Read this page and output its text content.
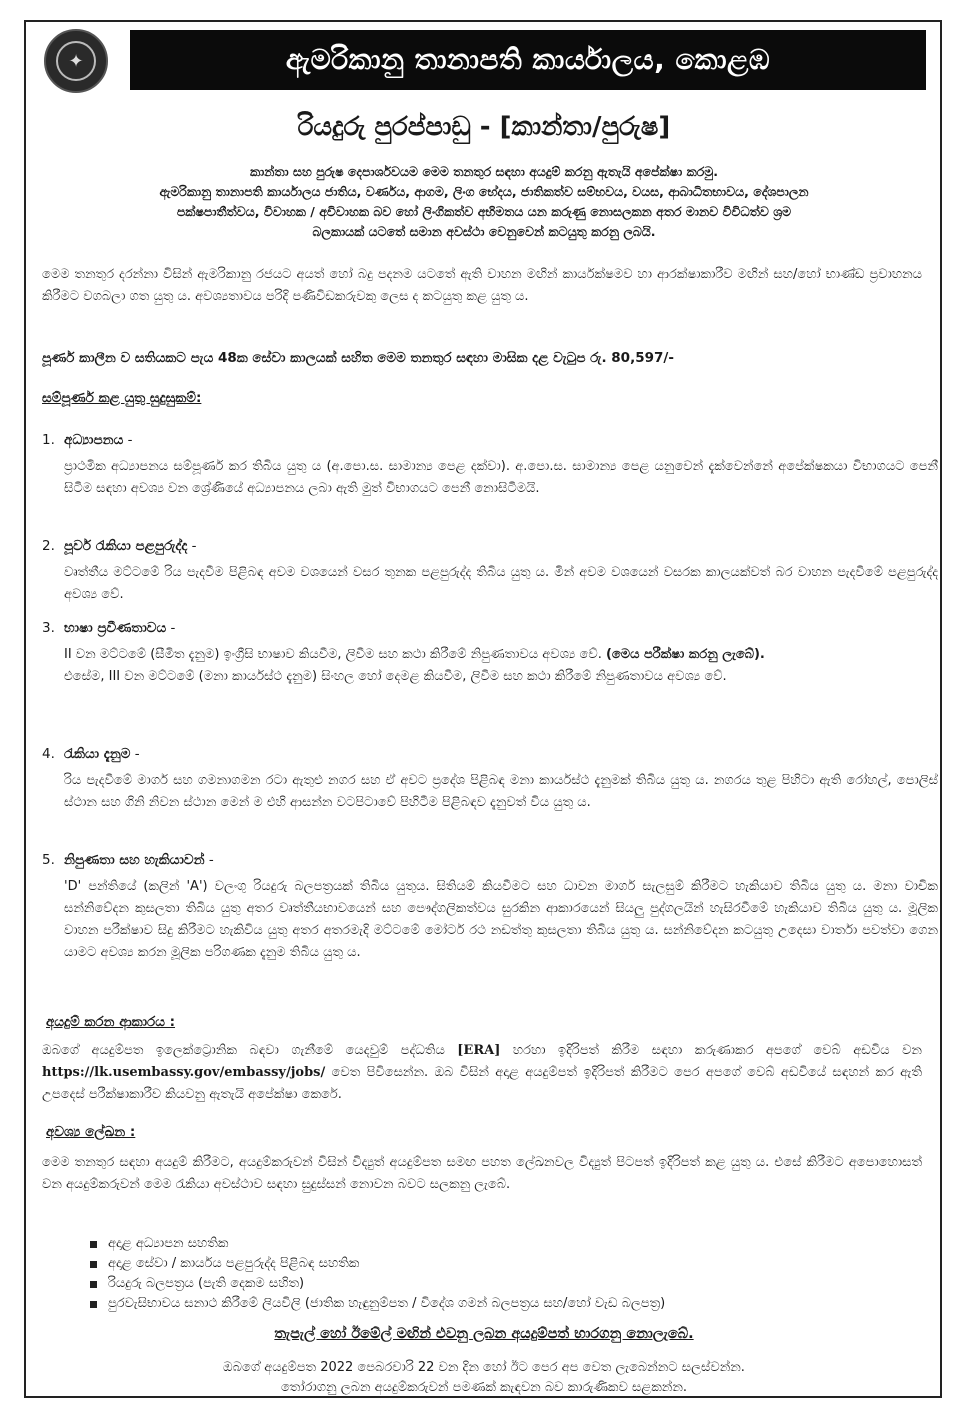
✦	ඇමරිකානු තානාපති කාර්යාලය, කොළඹ
රියදුරු පුරප්පාඩු - [කාන්තා/පුරුෂ]
කාන්තා සහ පුරුෂ දෙපාර්ශවයම මෙම තනතුර සඳහා අයදුම් කරනු ඇතැයි අපේක්ෂා කරමු.
ඇමරිකානු තානාපති කාර්යාලය ජාතිය, වර්ණය, ආගම, ලිංග භේදය, ජාතිකත්ව සම්භවය, වයස, ආබාධිතභාවය, දේශපාලන
පක්ෂපාතීත්වය, විවාහක / අවිවාහක බව හෝ ලිංගිකත්ව අභිමතය යන කරුණු නොසලකන අතර මානව විවිධත්ව ශ්‍රම
බලකායක් යටතේ සමාන අවස්ථා වෙනුවෙන් කටයුතු කරනු ලබයි.
මෙම තනතුර දරන්නා විසින් ඇමරිකානු රජයට අයත් හෝ බදු පදනම යටතේ ඇති වාහන මඟින් කාර්යක්ෂමව හා ආරක්ෂාකාරීව මඟින් සහ/හෝ භාණ්ඩ ප්‍රවාහනය කිරීමට වගබලා ගත යුතු ය. අවශ්‍යතාවය පරිදි පණිවිඩකරුවකු ලෙස ද කටයුතු කළ යුතු ය.
පූර්ණ කාලීන ව සතියකට පැය 48ක සේවා කාලයක් සහිත මෙම තනතුර සඳහා මාසික දළ වැටුප රු. 80,597/-
සම්පූර්ණ කළ යුතු සුදුසුකම්:
1. අධ්‍යාපනය -
ප්‍රාථමික අධ්‍යාපනය සම්පූර්ණ කර තිබිය යුතු ය (අ.පො.ස. සාමාන්‍ය පෙළ දක්වා). අ.පො.ස. සාමාන්‍ය පෙළ යනුවෙන් දැක්වෙන්නේ අපේක්ෂකයා විභාගයට පෙනී සිටීම සඳහා අවශ්‍ය වන ශ්‍රේණියේ අධ්‍යාපනය ලබා ඇති මුත් විභාගයට පෙනී නොසිටීමයි.
2. පූර්ව රැකියා පළපුරුද්ද -
වෘත්තීය මට්ටමේ රිය පැදවීම පිළිබඳ අවම වශයෙන් වසර තුනක පළපුරුද්ද තිබිය යුතු ය. මින් අවම වශයෙන් වසරක කාලයක්වත් බර වාහන පැදවීමේ පළපුරුද්ද අවශ්‍ය වේ.
3. භාෂා ප්‍රවීණතාවය -
II වන මට්ටමේ (සීමිත දැනුම) ඉංග්‍රීසි භාෂාව කියවීම, ලිවීම සහ කථා කිරීමේ නිපුණතාවය අවශ්‍ය වේ. (මෙය පරීක්ෂා කරනු ලැබේ).
එසේම, III වන මට්ටමේ (මනා කාර්යස්ථ දැනුම) සිංහල හෝ දෙමළ කියවීම, ලිවීම සහ කථා කිරීමේ නිපුණතාවය අවශ්‍ය වේ.
4. රැකියා දැනුම -
රිය පැදවීමේ මාර්ග සහ ගමනාගමන රටා ඇතුළු නගර සහ ඒ අවට ප්‍රදේශ පිළිබඳ මනා කාර්යස්ථ දැනුමක් තිබිය යුතු ය. නගරය තුළ පිහිටා ඇති රෝහල්, පොලිස් ස්ථාන සහ ගිනි නිවන ස්ථාන මෙන් ම එහි ආසන්න වටපිටාවේ පිහිටීම පිළිබඳව දැනුවත් විය යුතු ය.
5. නිපුණතා සහ හැකියාවන් -
'D' පන්තියේ (කලින් 'A') වලංගු රියදුරු බලපත්‍රයක් තිබිය යුතුය. සිතියම් කියවීමට සහ ධාවන මාර්ග සැලසුම් කිරීමට හැකියාව තිබිය යුතු ය. මනා වාචික සන්නිවේදන කුසලතා තිබිය යුතු අතර වෘත්තීයභාවයෙන් සහ පෞද්ගලිකත්වය සුරකින ආකාරයෙන් සියලු පුද්ගලයින් හැසිරවීමේ හැකියාව තිබිය යුතු ය. මූලික වාහන පරීක්ෂාව සිදු කිරීමට හැකිවිය යුතු අතර අතරමැදි මට්ටමේ මෝටර් රථ නඩත්තු කුසලතා තිබිය යුතු ය. සන්නිවේදන කටයුතු උදෙසා වාර්තා පවත්වා ගෙන යාමට අවශ්‍ය කරන මූලික පරිගණක දැනුම තිබිය යුතු ය.
අයදුම් කරන ආකාරය :
ඔබගේ අයදුම්පත ඉලෙක්ට්‍රොනික බඳවා ගැනීමේ යෙදවුම් පද්ධතිය [ERA] හරහා ඉදිරිපත් කිරීම සඳහා කරුණාකර අපගේ වෙබ් අඩවිය වන https://lk.usembassy.gov/embassy/jobs/ වෙත පිවිසෙන්න. ඔබ විසින් අදාළ අයදුම්පත් ඉදිරිපත් කිරීමට පෙර අපගේ වෙබ් අඩවියේ සඳහන් කර ඇති උපදෙස් පරීක්ෂාකාරීව කියවනු ඇතැයි අපේක්ෂා කෙරේ.
අවශ්‍ය ලේඛන :
මෙම තනතුර සඳහා අයදුම් කිරීමට, අයදුම්කරුවන් විසින් විද්‍යුත් අයදුම්පත සමඟ පහත ලේඛනවල විද්‍යුත් පිටපත් ඉදිරිපත් කළ යුතු ය. එසේ කිරීමට අපොහොසත් වන අයදුම්කරුවන් මෙම රැකියා අවස්ථාව සඳහා සුදුස්සන් නොවන බවට සලකනු ලැබේ.
අදාළ අධ්‍යාපන සහතික
අදාළ සේවා / කාර්යය පළපුරුද්ද පිළිබඳ සහතික
රියදුරු බලපත්‍රය (පැති දෙකම සහිත)
පුරවැසිභාවය සනාථ කිරීමේ ලියවිලි (ජාතික හැඳුනුම්පත / විදේශ ගමන් බලපත්‍රය සහ/හෝ වැඩ බලපත්‍ර)
තැපැල් හෝ ඊමේල් මඟින් එවනු ලබන අයදුම්පත් භාරගනු නොලැබේ.
ඔබගේ අයදුම්පත 2022 පෙබරවාරි 22 වන දින හෝ ඊට පෙර අප වෙත ලැබෙන්නට සලස්වන්න.
තෝරාගනු ලබන අයදුම්කරුවන් පමණක් කැඳවන බව කාරුණිකව සළකන්න.
